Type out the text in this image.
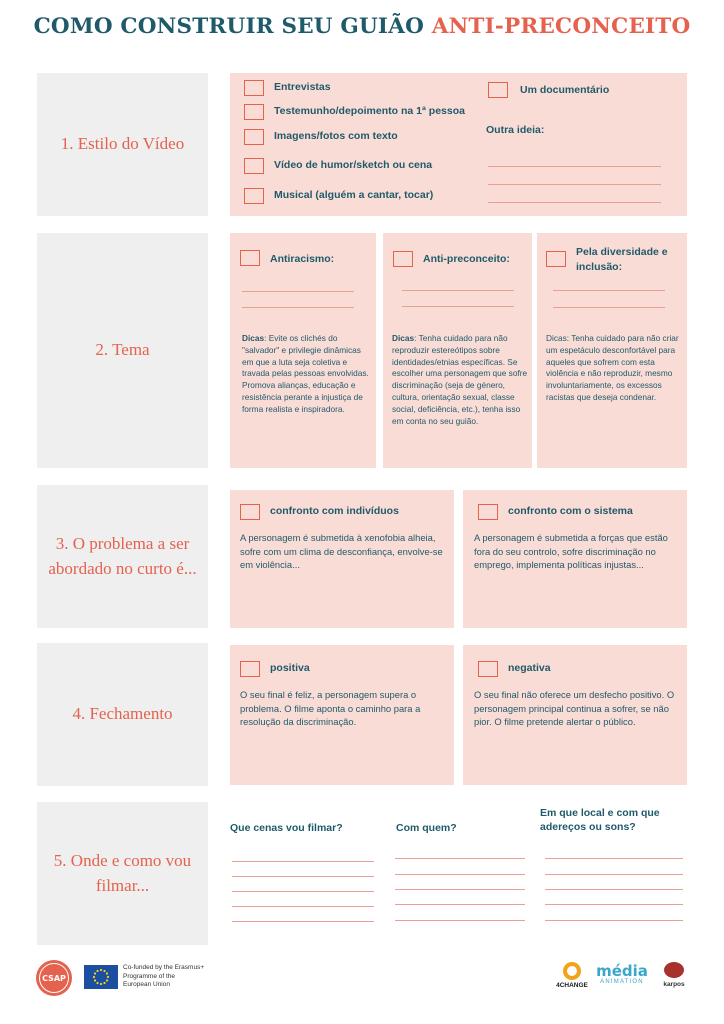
COMO CONSTRUIR SEU GUIÃO ANTI-PRECONCEITO
1. Estilo do Vídeo
Entrevistas
Testemunho/depoimento na 1ª pessoa
Imagens/fotos com texto
Vídeo de humor/sketch ou cena
Musical (alguém a cantar, tocar)
Um documentário
Outra ideia:
2. Tema
Antiracismo:
Dicas: Evite os clichés do "salvador" e privilegie dinâmicas em que a luta seja coletiva e travada pelas pessoas envolvidas. Promova alianças, educação e resistência perante a injustiça de forma realista e inspiradora.
Anti-preconceito:
Dicas: Tenha cuidado para não reproduzir estereótipos sobre identidades/etnias específicas. Se escolher uma personagem que sofre discriminação (seja de género, cultura, orientação sexual, classe social, deficiência, etc.), tenha isso em conta no seu guião.
Pela diversidade e
inclusão:
Dicas: Tenha cuidado para não criar um espetáculo desconfortável para aqueles que sofrem com esta violência e não reproduzir, mesmo involuntariamente, os excessos racistas que deseja condenar.
3. O problema a ser abordado no curto é...
confronto com indivíduos
A personagem é submetida à xenofobia alheia, sofre com um clima de desconfiança, envolve-se em violência...
confronto com o sistema
A personagem é submetida a forças que estão fora do seu controlo, sofre discriminação no emprego, implementa políticas injustas...
4. Fechamento
positiva
O seu final é feliz, a personagem supera o problema. O filme aponta o caminho para a resolução da discriminação.
negativa
O seu final não oferece um desfecho positivo. O personagem principal continua a sofrer, se não pior. O filme pretende alertar o público.
5. Onde e como vou filmar...
Que cenas vou filmar?	Com quem?
Em que local e com que adereços ou sons?
CSAP
Co-funded by the Erasmus+ Programme of the European Union	4CHANGE
média
ANIMATION	karpos
